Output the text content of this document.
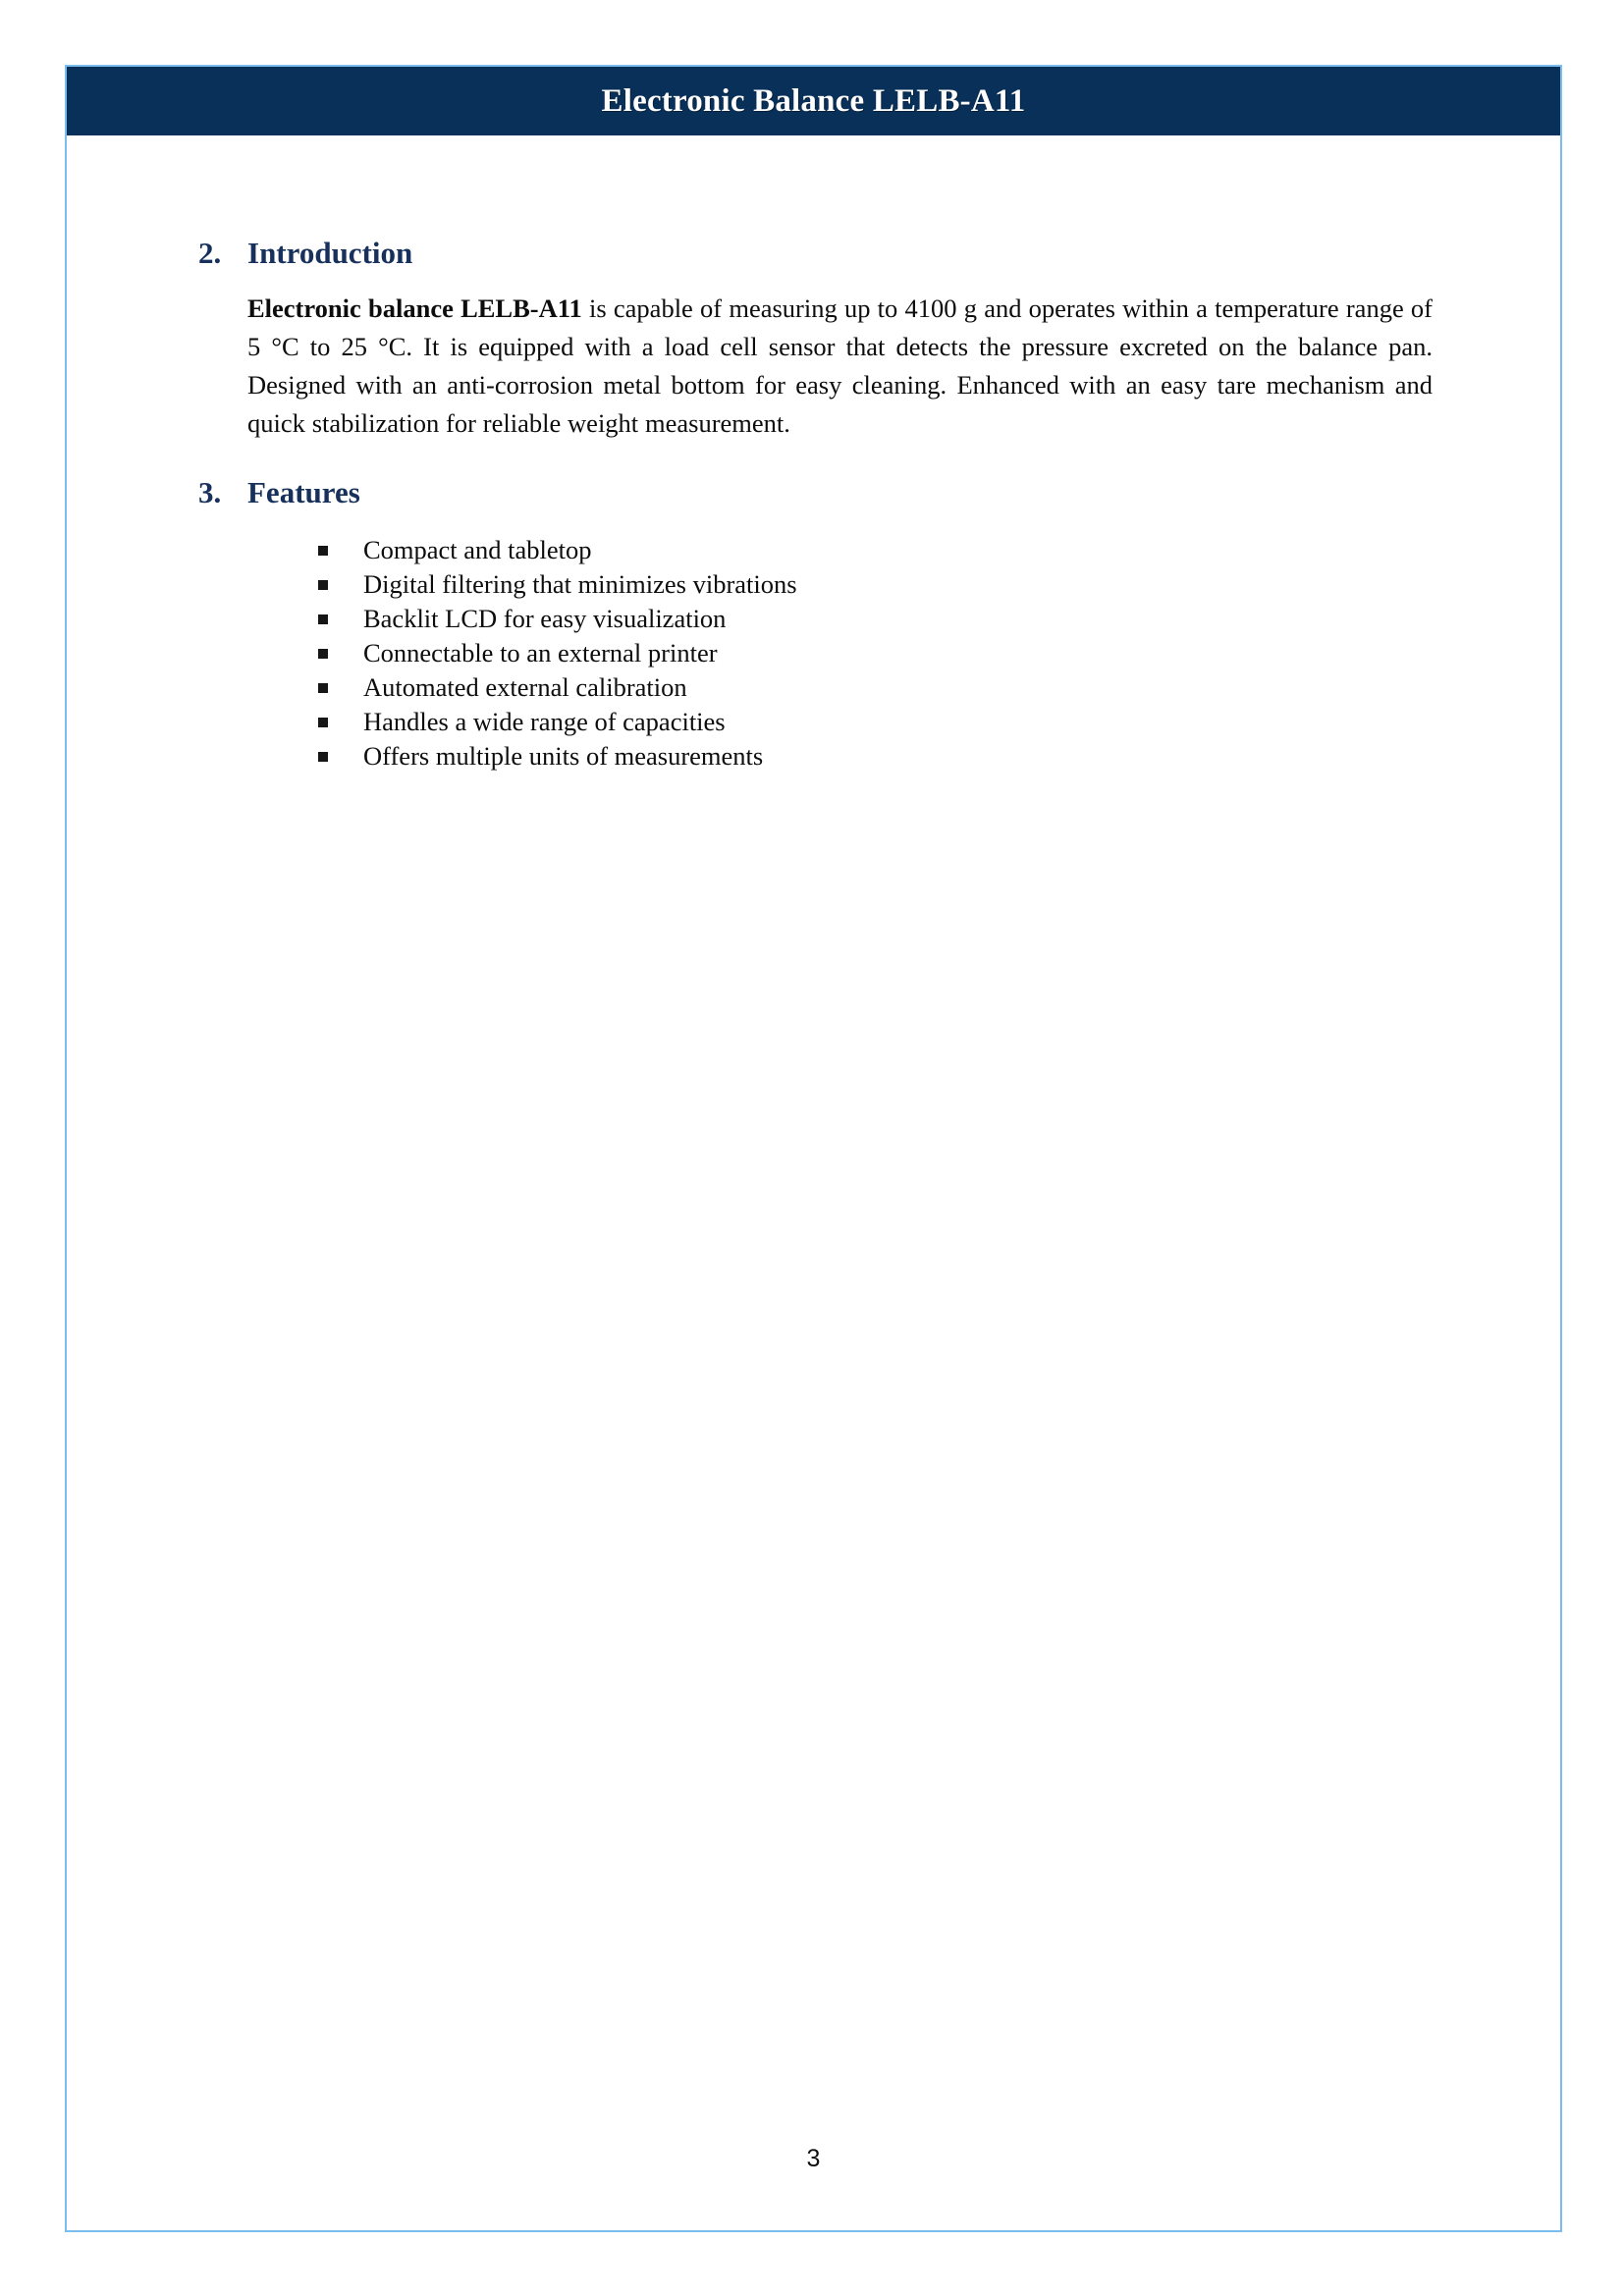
Electronic Balance LELB-A11
2. Introduction

Electronic balance LELB-A11 is capable of measuring up to 4100 g and operates within a temperature range of 5 °C to 25 °C. It is equipped with a load cell sensor that detects the pressure excreted on the balance pan. Designed with an anti-corrosion metal bottom for easy cleaning. Enhanced with an easy tare mechanism and quick stabilization for reliable weight measurement.

3. Features
Compact and tabletop
Digital filtering that minimizes vibrations
Backlit LCD for easy visualization
Connectable to an external printer
Automated external calibration
Handles a wide range of capacities
Offers multiple units of measurements
3
